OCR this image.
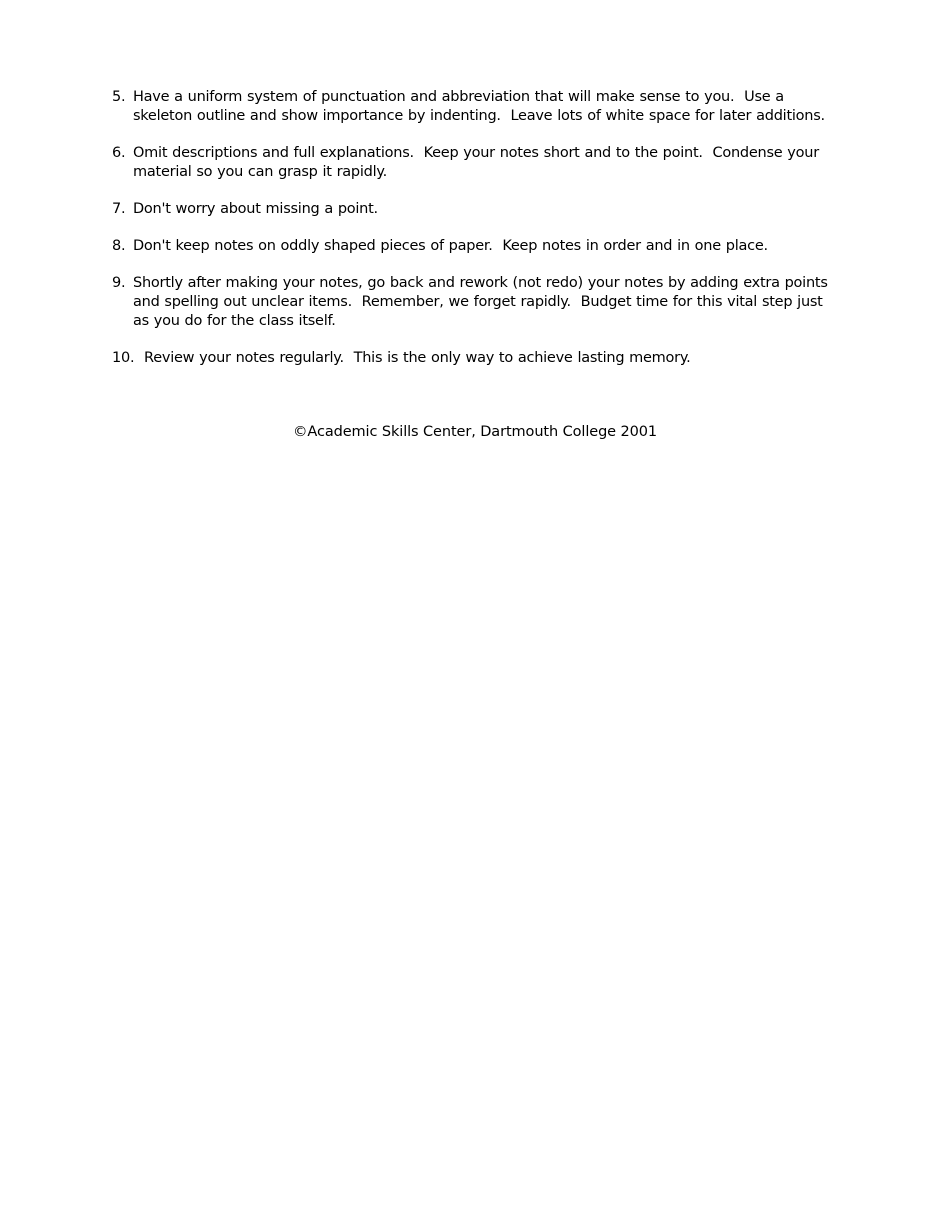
5. Have a uniform system of punctuation and abbreviation that will make sense to you.  Use a skeleton outline and show importance by indenting.  Leave lots of white space for later additions.
6. Omit descriptions and full explanations.  Keep your notes short and to the point.  Condense your material so you can grasp it rapidly.
7. Don't worry about missing a point.
8. Don't keep notes on oddly shaped pieces of paper.  Keep notes in order and in one place.
9. Shortly after making your notes, go back and rework (not redo) your notes by adding extra points and spelling out unclear items.  Remember, we forget rapidly.  Budget time for this vital step just as you do for the class itself.
10.  Review your notes regularly.  This is the only way to achieve lasting memory.
©Academic Skills Center, Dartmouth College 2001
